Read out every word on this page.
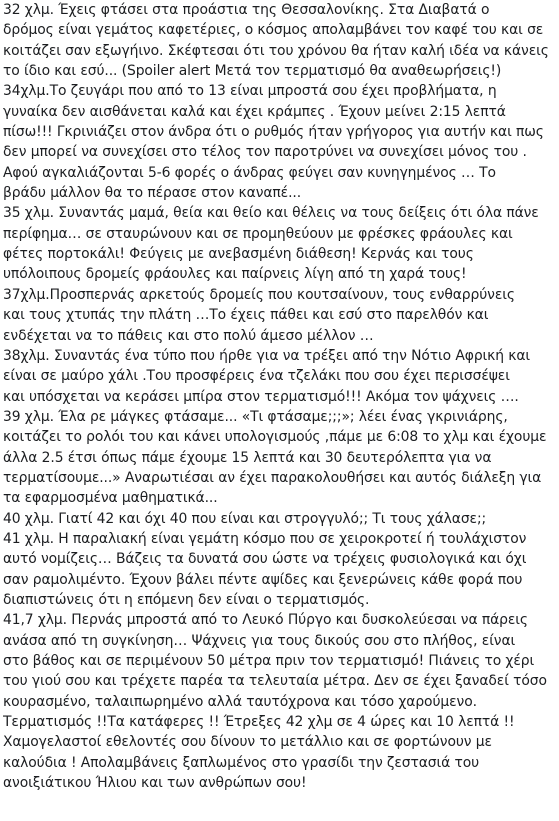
32 χλμ. Έχεις φτάσει στα προάστια της Θεσσαλονίκης. Στα Διαβατά ο
δρόμος είναι γεμάτος καφετέριες, ο κόσμος απολαμβάνει τον καφέ του και σε
κοιτάζει σαν εξωγήινο. Σκέφτεσαι ότι του χρόνου θα ήταν καλή ιδέα να κάνεις
το ίδιο και εσύ... (Spoiler alert Μετά τον τερματισμό θα αναθεωρήσεις!)
34χλμ.Το ζευγάρι που από το 13 είναι μπροστά σου έχει προβλήματα, η
γυναίκα δεν αισθάνεται καλά και έχει κράμπες . Έχουν μείνει 2:15 λεπτά
πίσω!!! Γκρινιάζει στον άνδρα ότι ο ρυθμός ήταν γρήγορος για αυτήν και πως
δεν μπορεί να συνεχίσει στο τέλος τον παροτρύνει να συνεχίσει μόνος του .
Αφού αγκαλιάζονται 5-6 φορές ο άνδρας φεύγει σαν κυνηγημένος … Το
βράδυ μάλλον θα το πέρασε στον καναπέ...
35 χλμ. Συναντάς μαμά, θεία και θείο και θέλεις να τους δείξεις ότι όλα πάνε
περίφημα… σε σταυρώνουν και σε προμηθεύουν με φρέσκες φράουλες και
φέτες πορτοκάλι! Φεύγεις με ανεβασμένη διάθεση! Κερνάς και τους
υπόλοιπους δρομείς φράουλες και παίρνεις λίγη από τη χαρά τους!
37χλμ.Προσπερνάς αρκετούς δρομείς που κουτσαίνουν, τους ενθαρρύνεις
και τους χτυπάς την πλάτη …Το έχεις πάθει και εσύ στο παρελθόν και
ενδέχεται να το πάθεις και στο πολύ άμεσο μέλλον …
38χλμ. Συναντάς ένα τύπο που ήρθε για να τρέξει από την Νότιο Αφρική και
είναι σε μαύρο χάλι .Του προσφέρεις ένα τζελάκι που σου έχει περισσέψει
και υπόσχεται να κεράσει μπίρα στον τερματισμό!!! Ακόμα τον ψάχνεις ….
39 χλμ. Έλα ρε μάγκες φτάσαμε... «Τι φτάσαμε;;;»; λέει ένας γκρινιάρης,
κοιτάζει το ρολόι του και κάνει υπολογισμούς ,πάμε με 6:08 το χλμ και έχουμε
άλλα 2.5 έτσι όπως πάμε έχουμε 15 λεπτά και 30 δευτερόλεπτα για να
τερματίσουμε...» Αναρωτιέσαι αν έχει παρακολουθήσει και αυτός διάλεξη για
τα εφαρμοσμένα μαθηματικά...
40 χλμ. Γιατί 42 και όχι 40 που είναι και στρογγυλό;; Τι τους χάλασε;;
41 χλμ. Η παραλιακή είναι γεμάτη κόσμο που σε χειροκροτεί ή τουλάχιστον
αυτό νομίζεις… Βάζεις τα δυνατά σου ώστε να τρέχεις φυσιολογικά και όχι
σαν ραμολιμέντο. Έχουν βάλει πέντε αψίδες και ξενερώνεις κάθε φορά που
διαπιστώνεις ότι η επόμενη δεν είναι ο τερματισμός.
41,7 χλμ. Περνάς μπροστά από το Λευκό Πύργο και δυσκολεύεσαι να πάρεις
ανάσα από τη συγκίνηση… Ψάχνεις για τους δικούς σου στο πλήθος, είναι
στο βάθος και σε περιμένουν 50 μέτρα πριν τον τερματισμό! Πιάνεις το χέρι
του γιού σου και τρέχετε παρέα τα τελευταία μέτρα. Δεν σε έχει ξαναδεί τόσο
κουρασμένο, ταλαιπωρημένο αλλά ταυτόχρονα και τόσο χαρούμενο.
Τερματισμός !!Τα κατάφερες !! Έτρεξες 42 χλμ σε 4 ώρες και 10 λεπτά !!
Χαμογελαστοί εθελοντές σου δίνουν το μετάλλιο και σε φορτώνουν με
καλούδια ! Απολαμβάνεις ξαπλωμένος στο γρασίδι την ζεστασιά του
ανοιξιάτικου Ήλιου και των ανθρώπων σου!
